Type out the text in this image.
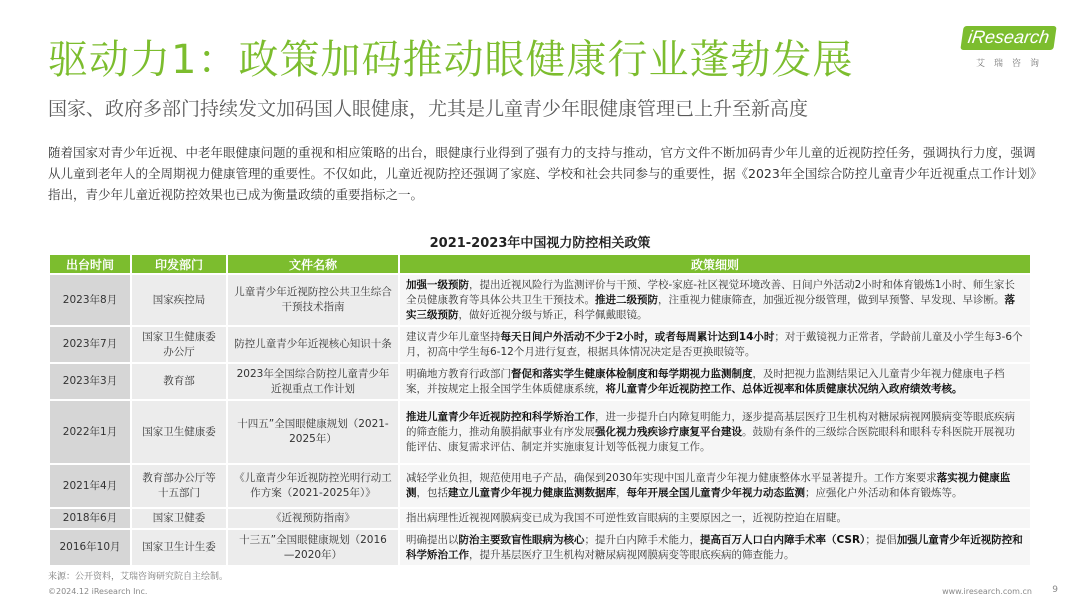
驱动力1：政策加码推动眼健康行业蓬勃发展
国家、政府多部门持续发文加码国人眼健康，尤其是儿童青少年眼健康管理已上升至新高度
iResearch
艾瑞咨询
随着国家对青少年近视、中老年眼健康问题的重视和相应策略的出台，眼健康行业得到了强有力的支持与推动，官方文件不断加码青少年儿童的近视防控任务，强调执行力度，强调从儿童到老年人的全周期视力健康管理的重要性。不仅如此，儿童近视防控还强调了家庭、学校和社会共同参与的重要性，据《2023年全国综合防控儿童青少年近视重点工作计划》指出，青少年儿童近视防控效果也已成为衡量政绩的重要指标之一。
2021-2023年中国视力防控相关政策
出台时间	印发部门	文件名称	政策细则
2023年8月	国家疾控局	儿童青少年近视防控公共卫生综合干预技术指南	加强一级预防，提出近视风险行为监测评价与干预、学校-家庭-社区视觉环境改善、日间户外活动2小时和体育锻炼1小时、师生家长全员健康教育等具体公共卫生干预技术。推进二级预防，注重视力健康筛查，加强近视分级管理，做到早预警、早发现、早诊断。落实三级预防，做好近视分级与矫正，科学佩戴眼镜。
2023年7月	国家卫生健康委办公厅	防控儿童青少年近视核心知识十条	建议青少年儿童坚持每天日间户外活动不少于2小时，或者每周累计达到14小时；对于戴镜视力正常者，学龄前儿童及小学生每3-6个月，初高中学生每6-12个月进行复查，根据具体情况决定是否更换眼镜等。
2023年3月	教育部	2023年全国综合防控儿童青少年近视重点工作计划	明确地方教育行政部门督促和落实学生健康体检制度和每学期视力监测制度，及时把视力监测结果记入儿童青少年视力健康电子档案，并按规定上报全国学生体质健康系统，将儿童青少年近视防控工作、总体近视率和体质健康状况纳入政府绩效考核。
2022年1月	国家卫生健康委	十四五”全国眼健康规划（2021-2025年）	推进儿童青少年近视防控和科学矫治工作，进一步提升白内障复明能力，逐步提高基层医疗卫生机构对糖尿病视网膜病变等眼底疾病的筛查能力，推动角膜捐献事业有序发展强化视力残疾诊疗康复平台建设。鼓励有条件的三级综合医院眼科和眼科专科医院开展视功能评估、康复需求评估、制定并实施康复计划等低视力康复工作。
2021年4月	教育部办公厅等十五部门	《儿童青少年近视防控光明行动工作方案（2021-2025年）》	减轻学业负担，规范使用电子产品，确保到2030年实现中国儿童青少年视力健康整体水平显著提升。工作方案要求落实视力健康监测，包括建立儿童青少年视力健康监测数据库，每年开展全国儿童青少年视力动态监测；应强化户外活动和体育锻炼等。
2018年6月	国家卫健委	《近视预防指南》	指出病理性近视视网膜病变已成为我国不可逆性致盲眼病的主要原因之一，近视防控迫在眉睫。
2016年10月	国家卫生计生委	十三五”全国眼健康规划（2016—2020年）	明确提出以防治主要致盲性眼病为核心；提升白内障手术能力，提高百万人口白内障手术率（CSR）；提倡加强儿童青少年近视防控和科学矫治工作，提升基层医疗卫生机构对糖尿病视网膜病变等眼底疾病的筛查能力。
来源：公开资料，艾瑞咨询研究院自主绘制。
©2024.12 iResearch Inc.	www.iresearch.com.cn 9
